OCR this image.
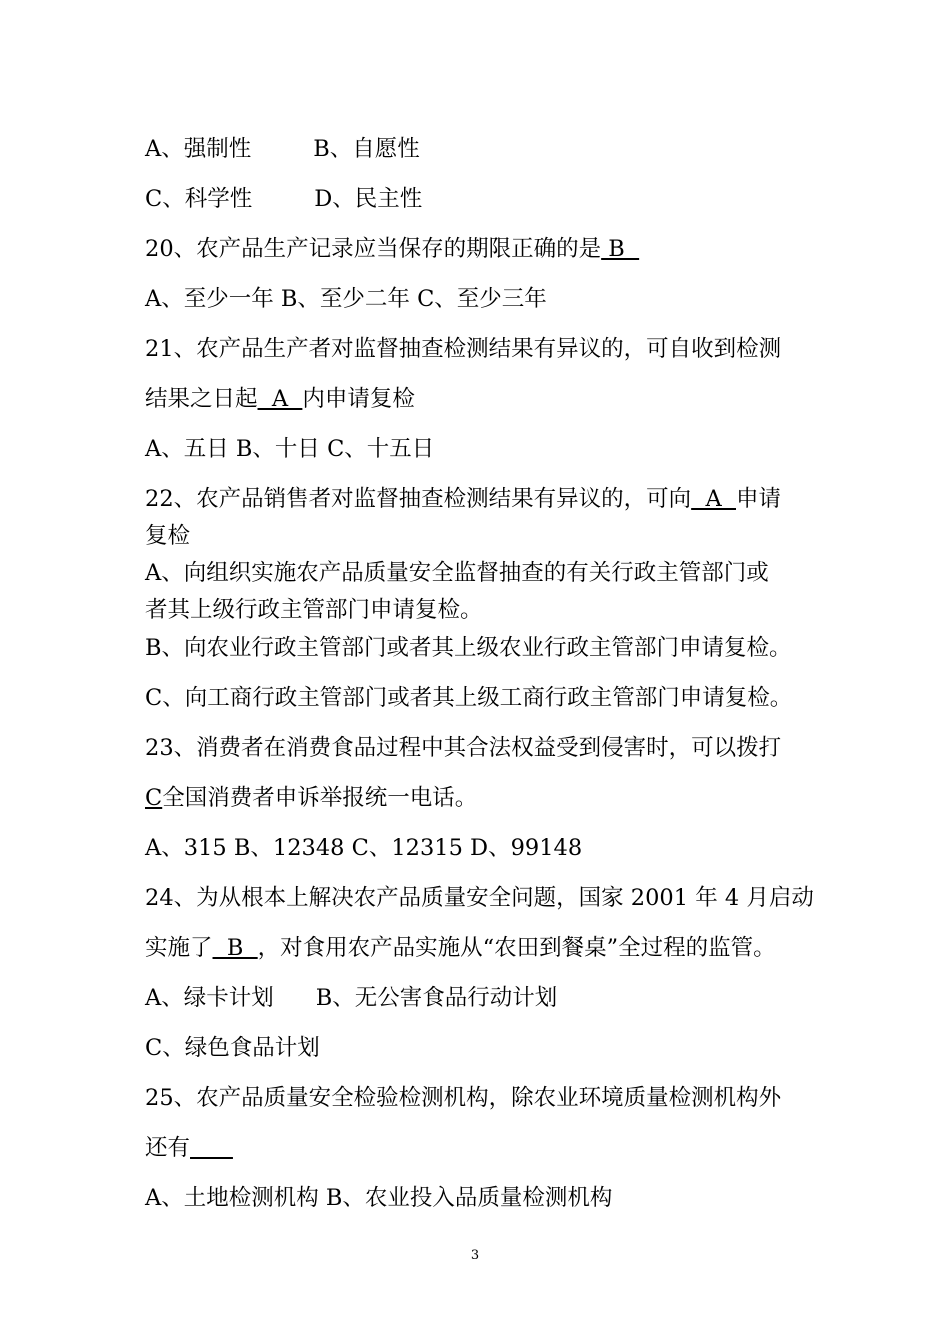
A、强制性	B、自愿性
C、科学性	D、民主性
20、农产品生产记录应当保存的期限正确的是 B
A、至少一年 B、至少二年 C、至少三年
21、农产品生产者对监督抽查检测结果有异议的，可自收到检测
结果之日起  A  内申请复检
A、五日 B、十日 C、十五日
22、农产品销售者对监督抽查检测结果有异议的，可向  A  申请
复检
A、向组织实施农产品质量安全监督抽查的有关行政主管部门或
者其上级行政主管部门申请复检。
B、向农业行政主管部门或者其上级农业行政主管部门申请复检。
C、向工商行政主管部门或者其上级工商行政主管部门申请复检。
23、消费者在消费食品过程中其合法权益受到侵害时，可以拨打
C全国消费者申诉举报统一电话。
A、315 B、12348 C、12315 D、99148
24、为从根本上解决农产品质量安全问题，国家 2001 年 4 月启动
实施了  B  ，对食用农产品实施从“农田到餐桌”全过程的监管。
A、绿卡计划 B、无公害食品行动计划
C、绿色食品计划
25、农产品质量安全检验检测机构，除农业环境质量检测机构外
还有
A、土地检测机构 B、农业投入品质量检测机构
3
